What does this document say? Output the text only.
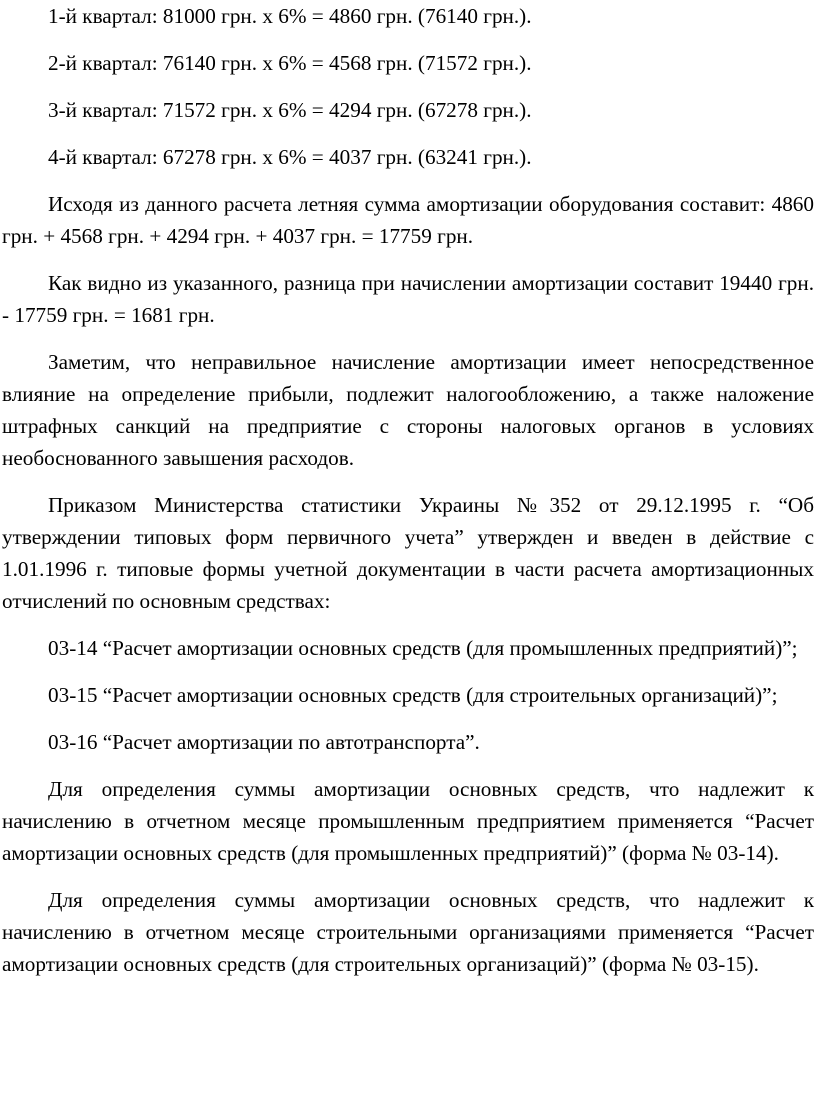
1-й квартал: 81000 грн. х 6% = 4860 грн. (76140 грн.).

2-й квартал: 76140 грн. х 6% = 4568 грн. (71572 грн.).

3-й квартал: 71572 грн. х 6% = 4294 грн. (67278 грн.).

4-й квартал: 67278 грн. х 6% = 4037 грн. (63241 грн.).

Исходя из данного расчета летняя сумма амортизации оборудования составит: 4860 грн. + 4568 грн. + 4294 грн. + 4037 грн. = 17759 грн.

Как видно из указанного, разница при начислении амортизации составит 19440 грн. - 17759 грн. = 1681 грн.

Заметим, что неправильное начисление амортизации имеет непосредственное влияние на определение прибыли, подлежит налогообложению, а также наложение штрафных санкций на предприятие с стороны налоговых органов в условиях необоснованного завышения расходов.

Приказом Министерства статистики Украины №352 от 29.12.1995 г. “Об утверждении типовых форм первичного учета” утвержден и введен в действие с 1.01.1996 г. типовые формы учетной документации в части расчета амортизационных отчислений по основным средствах:

03-14 “Расчет амортизации основных средств (для промышленных предприятий)”;

03-15 “Расчет амортизации основных средств (для строительных организаций)”;

03-16 “Расчет амортизации по автотранспорта”.

Для определения суммы амортизации основных средств, что надлежит к начислению в отчетном месяце промышленным предприятием применяется “Расчет амортизации основных средств (для промышленных предприятий)” (форма № 03-14).

Для определения суммы амортизации основных средств, что надлежит к начислению в отчетном месяце строительными организациями применяется “Расчет амортизации основных средств (для строительных организаций)” (форма № 03-15).
